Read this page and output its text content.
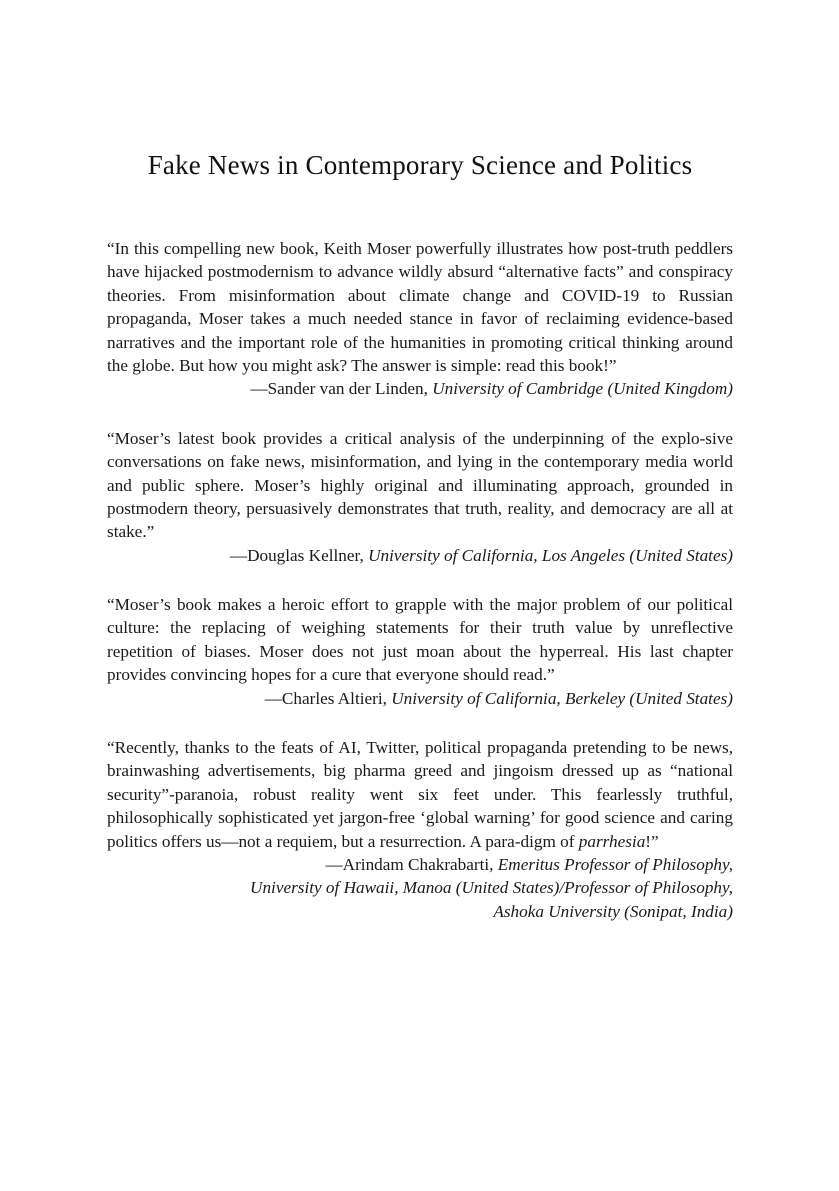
Fake News in Contemporary Science and Politics

“In this compelling new book, Keith Moser powerfully illustrates how post-truth peddlers have hijacked postmodernism to advance wildly absurd “alternative facts” and conspiracy theories. From misinformation about climate change and COVID-19 to Russian propaganda, Moser takes a much needed stance in favor of reclaiming evidence-based narratives and the important role of the humanities in promoting critical thinking around the globe. But how you might ask? The answer is simple: read this book!”

—Sander van der Linden, University of Cambridge (United Kingdom)

“Moser’s latest book provides a critical analysis of the underpinning of the explo-sive conversations on fake news, misinformation, and lying in the contemporary media world and public sphere. Moser’s highly original and illuminating approach, grounded in postmodern theory, persuasively demonstrates that truth, reality, and democracy are all at stake.”

—Douglas Kellner, University of California, Los Angeles (United States)

“Moser’s book makes a heroic effort to grapple with the major problem of our political culture: the replacing of weighing statements for their truth value by unreflective repetition of biases. Moser does not just moan about the hyperreal. His last chapter provides convincing hopes for a cure that everyone should read.”

—Charles Altieri, University of California, Berkeley (United States)

“Recently, thanks to the feats of AI, Twitter, political propaganda pretending to be news, brainwashing advertisements, big pharma greed and jingoism dressed up as “national security”-paranoia, robust reality went six feet under. This fearlessly truthful, philosophically sophisticated yet jargon-free ‘global warning’ for good science and caring politics offers us—not a requiem, but a resurrection. A para-digm of parrhesia!”

—Arindam Chakrabarti, Emeritus Professor of Philosophy,
University of Hawaii, Manoa (United States)/Professor of Philosophy,
Ashoka University (Sonipat, India)
